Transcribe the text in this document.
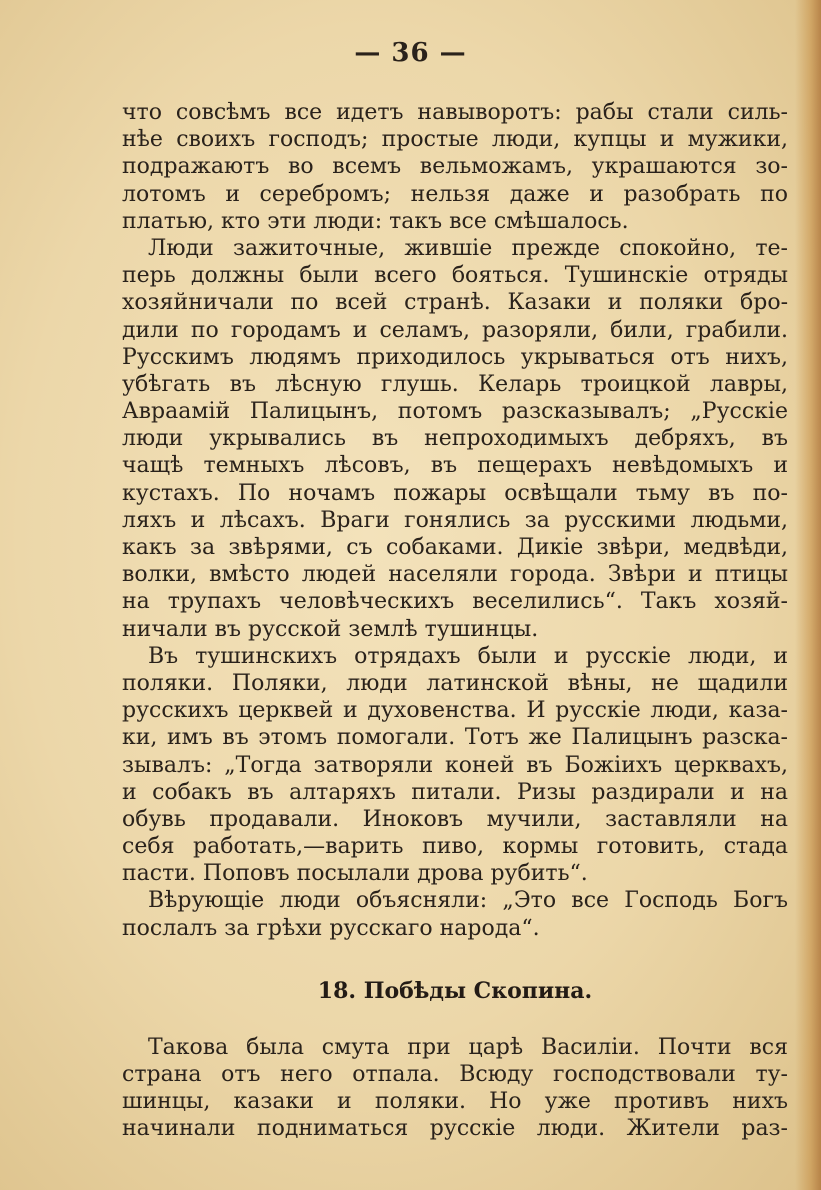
— 36 —
что совсѣмъ все идетъ навыворотъ: рабы стали силь-
нѣе своихъ господъ; простые люди, купцы и мужики,
подражаютъ во всемъ вельможамъ, украшаются зо-
лотомъ и серебромъ; нельзя даже и разобрать по
платью, кто эти люди: такъ все смѣшалось.
Люди зажиточные, жившіе прежде спокойно, те-
перь должны были всего бояться. Тушинскіе отряды
хозяйничали по всей странѣ. Казаки и поляки бро-
дили по городамъ и селамъ, разоряли, били, грабили.
Русскимъ людямъ приходилось укрываться отъ нихъ,
убѣгать въ лѣсную глушь. Келарь троицкой лавры,
Авраамій Палицынъ, потомъ разсказывалъ; „Русскіе
люди укрывались въ непроходимыхъ дебряхъ, въ
чащѣ темныхъ лѣсовъ, въ пещерахъ невѣдомыхъ и
кустахъ. По ночамъ пожары освѣщали тьму въ по-
ляхъ и лѣсахъ. Враги гонялись за русскими людьми,
какъ за звѣрями, съ собаками. Дикіе звѣри, медвѣди,
волки, вмѣсто людей населяли города. Звѣри и птицы
на трупахъ человѣческихъ веселились“. Такъ хозяй-
ничали въ русской землѣ тушинцы.
Въ тушинскихъ отрядахъ были и русскіе люди, и
поляки. Поляки, люди латинской вѣны, не щадили
русскихъ церквей и духовенства. И русскіе люди, каза-
ки, имъ въ этомъ помогали. Тотъ же Палицынъ разска-
зывалъ: „Тогда затворяли коней въ Божіихъ церквахъ,
и собакъ въ алтаряхъ питали. Ризы раздирали и на
обувь продавали. Иноковъ мучили, заставляли на
себя работать,—варить пиво, кормы готовить, стада
пасти. Поповъ посылали дрова рубить“.
Вѣрующіе люди объясняли: „Это все Господь Богъ
послалъ за грѣхи русскаго народа“.
18. Побѣды Скопина.
Такова была смута при царѣ Василіи. Почти вся
страна отъ него отпала. Всюду господствовали ту-
шинцы, казаки и поляки. Но уже противъ нихъ
начинали подниматься русскіе люди. Жители раз-
